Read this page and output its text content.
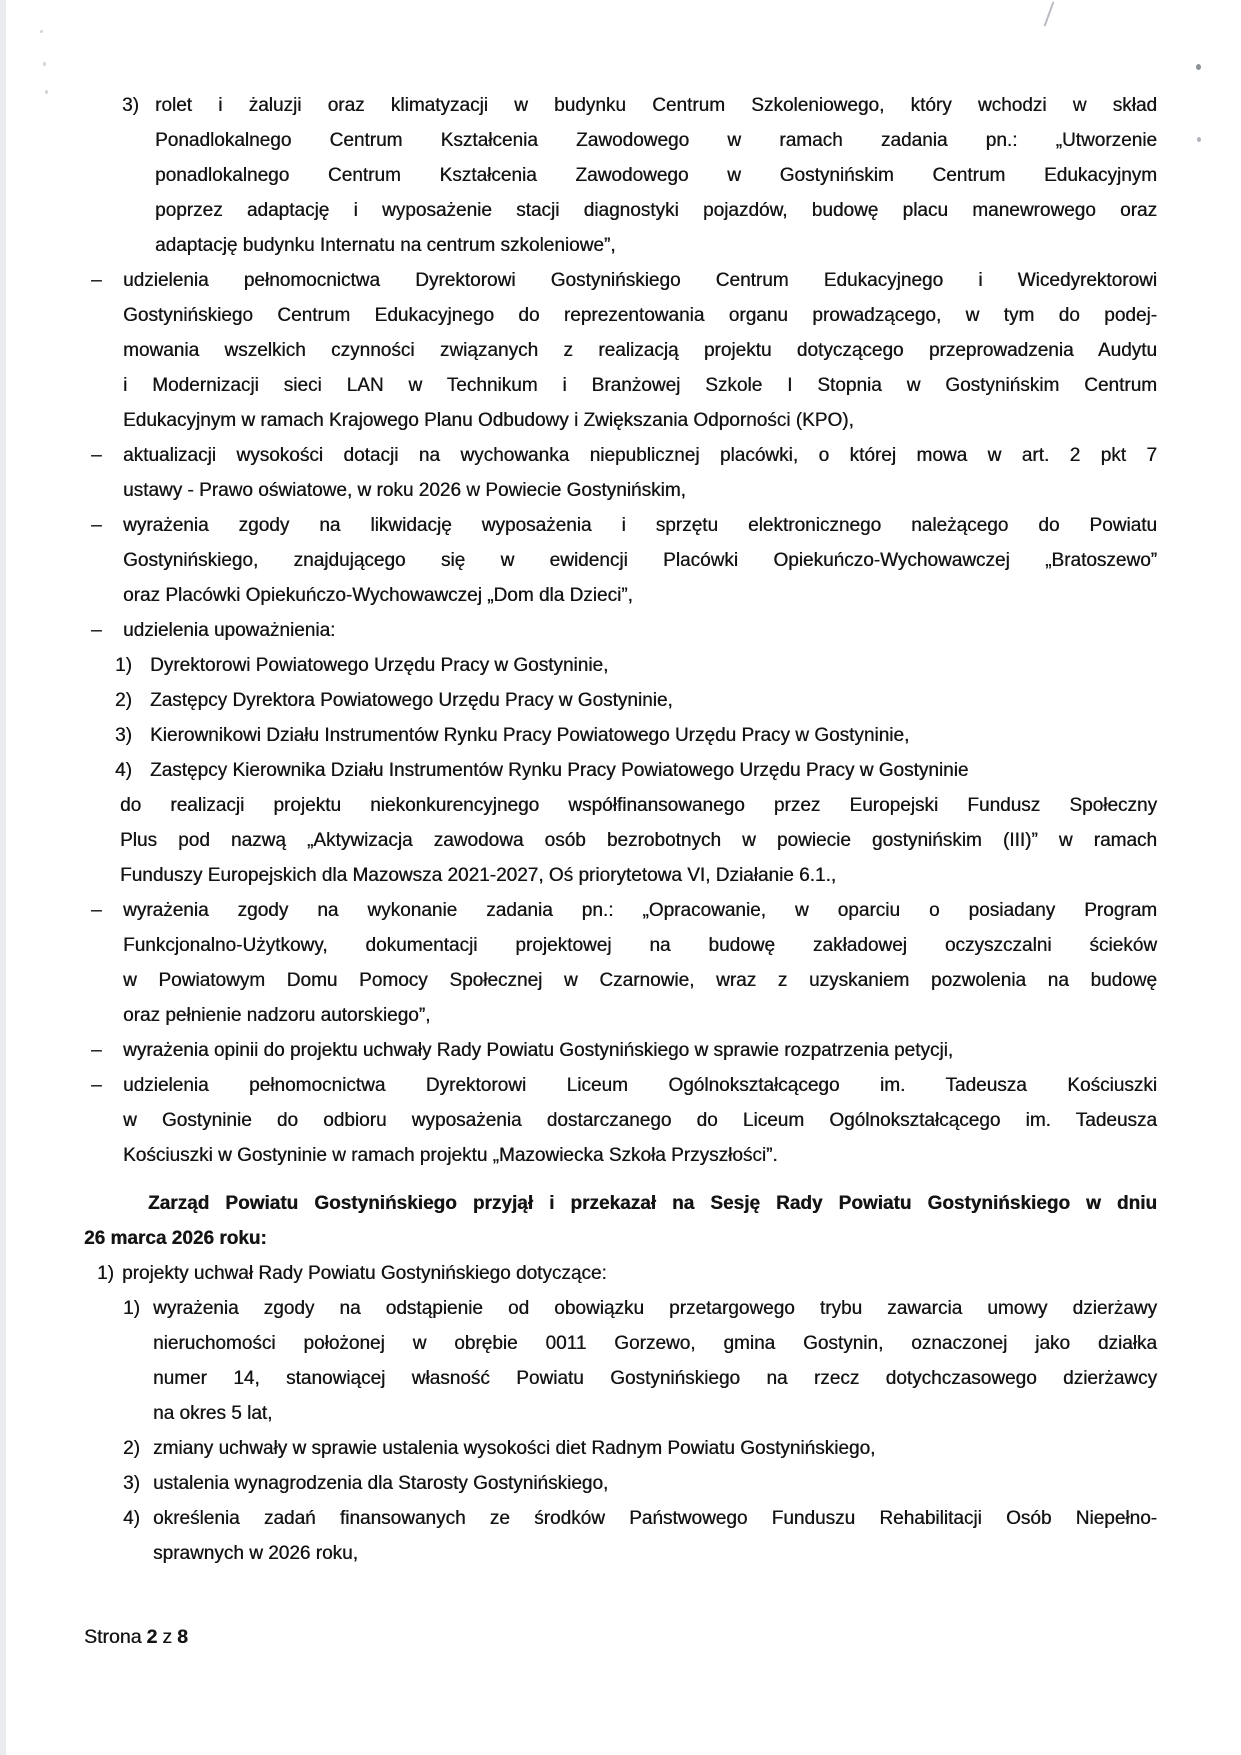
3) rolet i żaluzji oraz klimatyzacji w budynku Centrum Szkoleniowego, który wchodzi w skład
Ponadlokalnego Centrum Kształcenia Zawodowego w ramach zadania pn.: „Utworzenie
ponadlokalnego Centrum Kształcenia Zawodowego w Gostynińskim Centrum Edukacyjnym
poprzez adaptację i wyposażenie stacji diagnostyki pojazdów, budowę placu manewrowego oraz
adaptację budynku Internatu na centrum szkoleniowe”,
– udzielenia pełnomocnictwa Dyrektorowi Gostynińskiego Centrum Edukacyjnego i Wicedyrektorowi
Gostynińskiego Centrum Edukacyjnego do reprezentowania organu prowadzącego, w tym do podej-
mowania wszelkich czynności związanych z realizacją projektu dotyczącego przeprowadzenia Audytu
i Modernizacji sieci LAN w Technikum i Branżowej Szkole I Stopnia w Gostynińskim Centrum
Edukacyjnym w ramach Krajowego Planu Odbudowy i Zwiększania Odporności (KPO),
– aktualizacji wysokości dotacji na wychowanka niepublicznej placówki, o której mowa w art. 2 pkt 7
ustawy - Prawo oświatowe, w roku 2026 w Powiecie Gostynińskim,
– wyrażenia zgody na likwidację wyposażenia i sprzętu elektronicznego należącego do Powiatu
Gostynińskiego, znajdującego się w ewidencji Placówki Opiekuńczo-Wychowawczej „Bratoszewo”
oraz Placówki Opiekuńczo-Wychowawczej „Dom dla Dzieci”,
– udzielenia upoważnienia:
1) Dyrektorowi Powiatowego Urzędu Pracy w Gostyninie,
2) Zastępcy Dyrektora Powiatowego Urzędu Pracy w Gostyninie,
3) Kierownikowi Działu Instrumentów Rynku Pracy Powiatowego Urzędu Pracy w Gostyninie,
4) Zastępcy Kierownika Działu Instrumentów Rynku Pracy Powiatowego Urzędu Pracy w Gostyninie
do realizacji projektu niekonkurencyjnego współfinansowanego przez Europejski Fundusz Społeczny
Plus pod nazwą „Aktywizacja zawodowa osób bezrobotnych w powiecie gostynińskim (III)” w ramach
Funduszy Europejskich dla Mazowsza 2021-2027, Oś priorytetowa VI, Działanie 6.1.,
– wyrażenia zgody na wykonanie zadania pn.: „Opracowanie, w oparciu o posiadany Program
Funkcjonalno-Użytkowy, dokumentacji projektowej na budowę zakładowej oczyszczalni ścieków
w Powiatowym Domu Pomocy Społecznej w Czarnowie, wraz z uzyskaniem pozwolenia na budowę
oraz pełnienie nadzoru autorskiego”,
– wyrażenia opinii do projektu uchwały Rady Powiatu Gostynińskiego w sprawie rozpatrzenia petycji,
– udzielenia pełnomocnictwa Dyrektorowi Liceum Ogólnokształcącego im. Tadeusza Kościuszki
w Gostyninie do odbioru wyposażenia dostarczanego do Liceum Ogólnokształcącego im. Tadeusza
Kościuszki w Gostyninie w ramach projektu „Mazowiecka Szkoła Przyszłości”.
Zarząd Powiatu Gostynińskiego przyjął i przekazał na Sesję Rady Powiatu Gostynińskiego w dniu
26 marca 2026 roku:
1) projekty uchwał Rady Powiatu Gostynińskiego dotyczące:
1) wyrażenia zgody na odstąpienie od obowiązku przetargowego trybu zawarcia umowy dzierżawy
nieruchomości położonej w obrębie 0011 Gorzewo, gmina Gostynin, oznaczonej jako działka
numer 14, stanowiącej własność Powiatu Gostynińskiego na rzecz dotychczasowego dzierżawcy
na okres 5 lat,
2) zmiany uchwały w sprawie ustalenia wysokości diet Radnym Powiatu Gostynińskiego,
3) ustalenia wynagrodzenia dla Starosty Gostynińskiego,
4) określenia zadań finansowanych ze środków Państwowego Funduszu Rehabilitacji Osób Niepełno-
sprawnych w 2026 roku,
Strona 2 z 8
